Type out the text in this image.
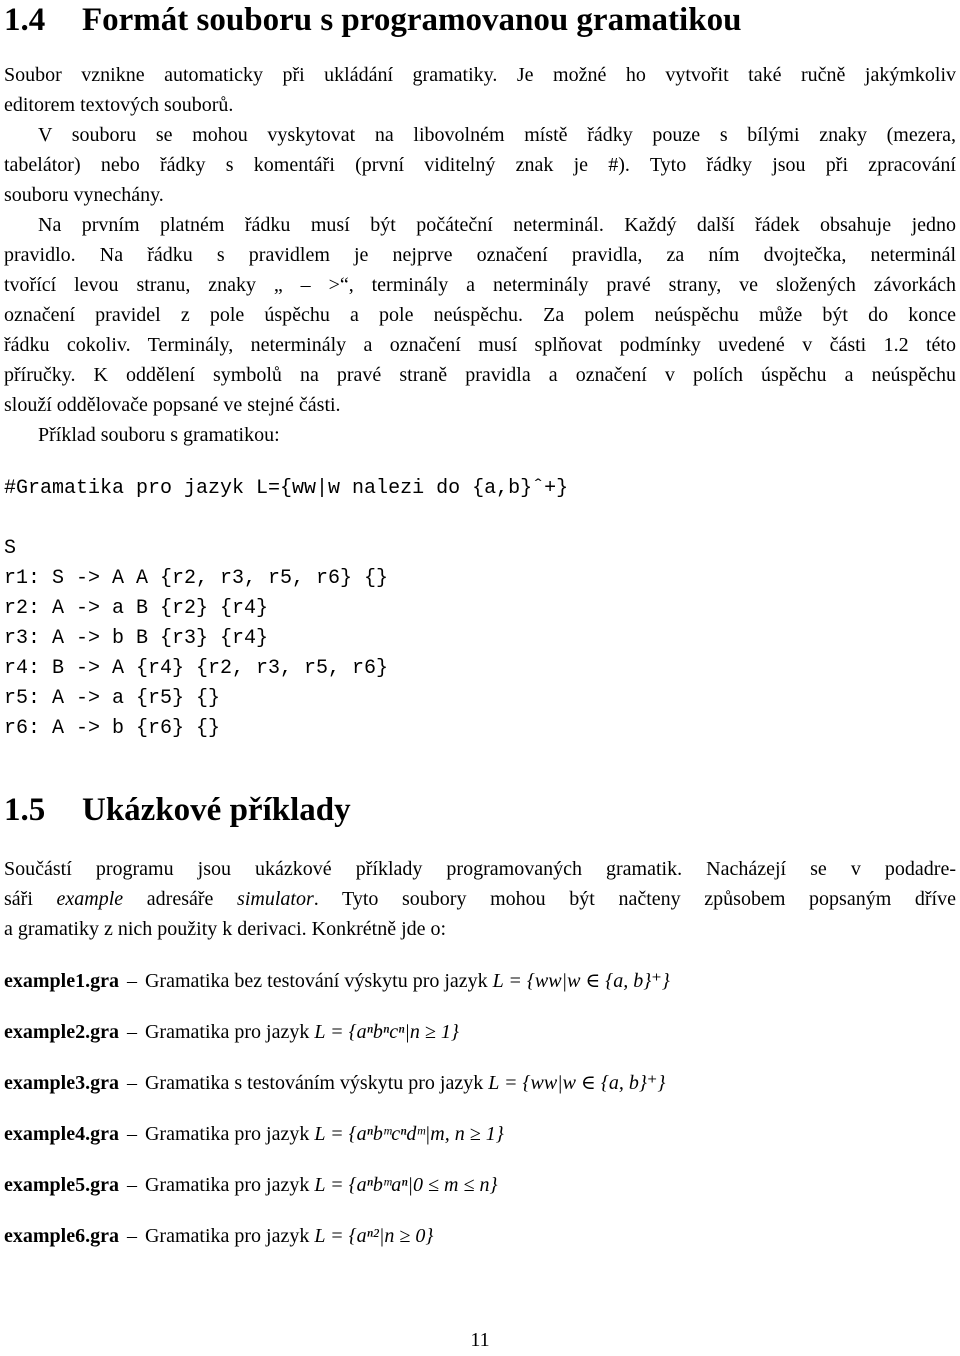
1.4 Formát souboru s programovanou gramatikou
Soubor vznikne automaticky při ukládání gramatiky. Je možné ho vytvořit také ručně jakýmkoliv
editorem textových souborů.
V souboru se mohou vyskytovat na libovolném místě řádky pouze s bílými znaky (mezera,
tabelátor) nebo řádky s komentáři (první viditelný znak je #). Tyto řádky jsou při zpracování
souboru vynechány.
Na prvním platném řádku musí být počáteční neterminál. Každý další řádek obsahuje jedno
pravidlo. Na řádku s pravidlem je nejprve označení pravidla, za ním dvojtečka, neterminál
tvořící levou stranu, znaky „ – >“, terminály a neterminály pravé strany, ve složených závorkách
označení pravidel z pole úspěchu a pole neúspěchu. Za polem neúspěchu může být do konce
řádku cokoliv. Terminály, neterminály a označení musí splňovat podmínky uvedené v části 1.2 této
příručky. K oddělení symbolů na pravé straně pravidla a označení v polích úspěchu a neúspěchu
slouží oddělovače popsané ve stejné části.
Příklad souboru s gramatikou:
#Gramatika pro jazyk L={ww|w nalezi do {a,b}ˆ+}
S
r1: S -> A A {r2, r3, r5, r6} {}
r2: A -> a B {r2} {r4}
r3: A -> b B {r3} {r4}
r4: B -> A {r4} {r2, r3, r5, r6}
r5: A -> a {r5} {}
r6: A -> b {r6} {}
1.5 Ukázkové příklady
Součástí programu jsou ukázkové příklady programovaných gramatik. Nacházejí se v podadre-
sáři example adresáře simulator. Tyto soubory mohou být načteny způsobem popsaným dříve
a gramatiky z nich použity k derivaci. Konkrétně jde o:
example1.gra – Gramatika bez testování výskytu pro jazyk L = {ww|w ∈ {a, b}⁺}
example2.gra – Gramatika pro jazyk L = {aⁿbⁿcⁿ|n ≥ 1}
example3.gra – Gramatika s testováním výskytu pro jazyk L = {ww|w ∈ {a, b}⁺}
example4.gra – Gramatika pro jazyk L = {aⁿbᵐcⁿdᵐ|m, n ≥ 1}
example5.gra – Gramatika pro jazyk L = {aⁿbᵐaⁿ|0 ≤ m ≤ n}
example6.gra – Gramatika pro jazyk L = {aⁿ²|n ≥ 0}
11
